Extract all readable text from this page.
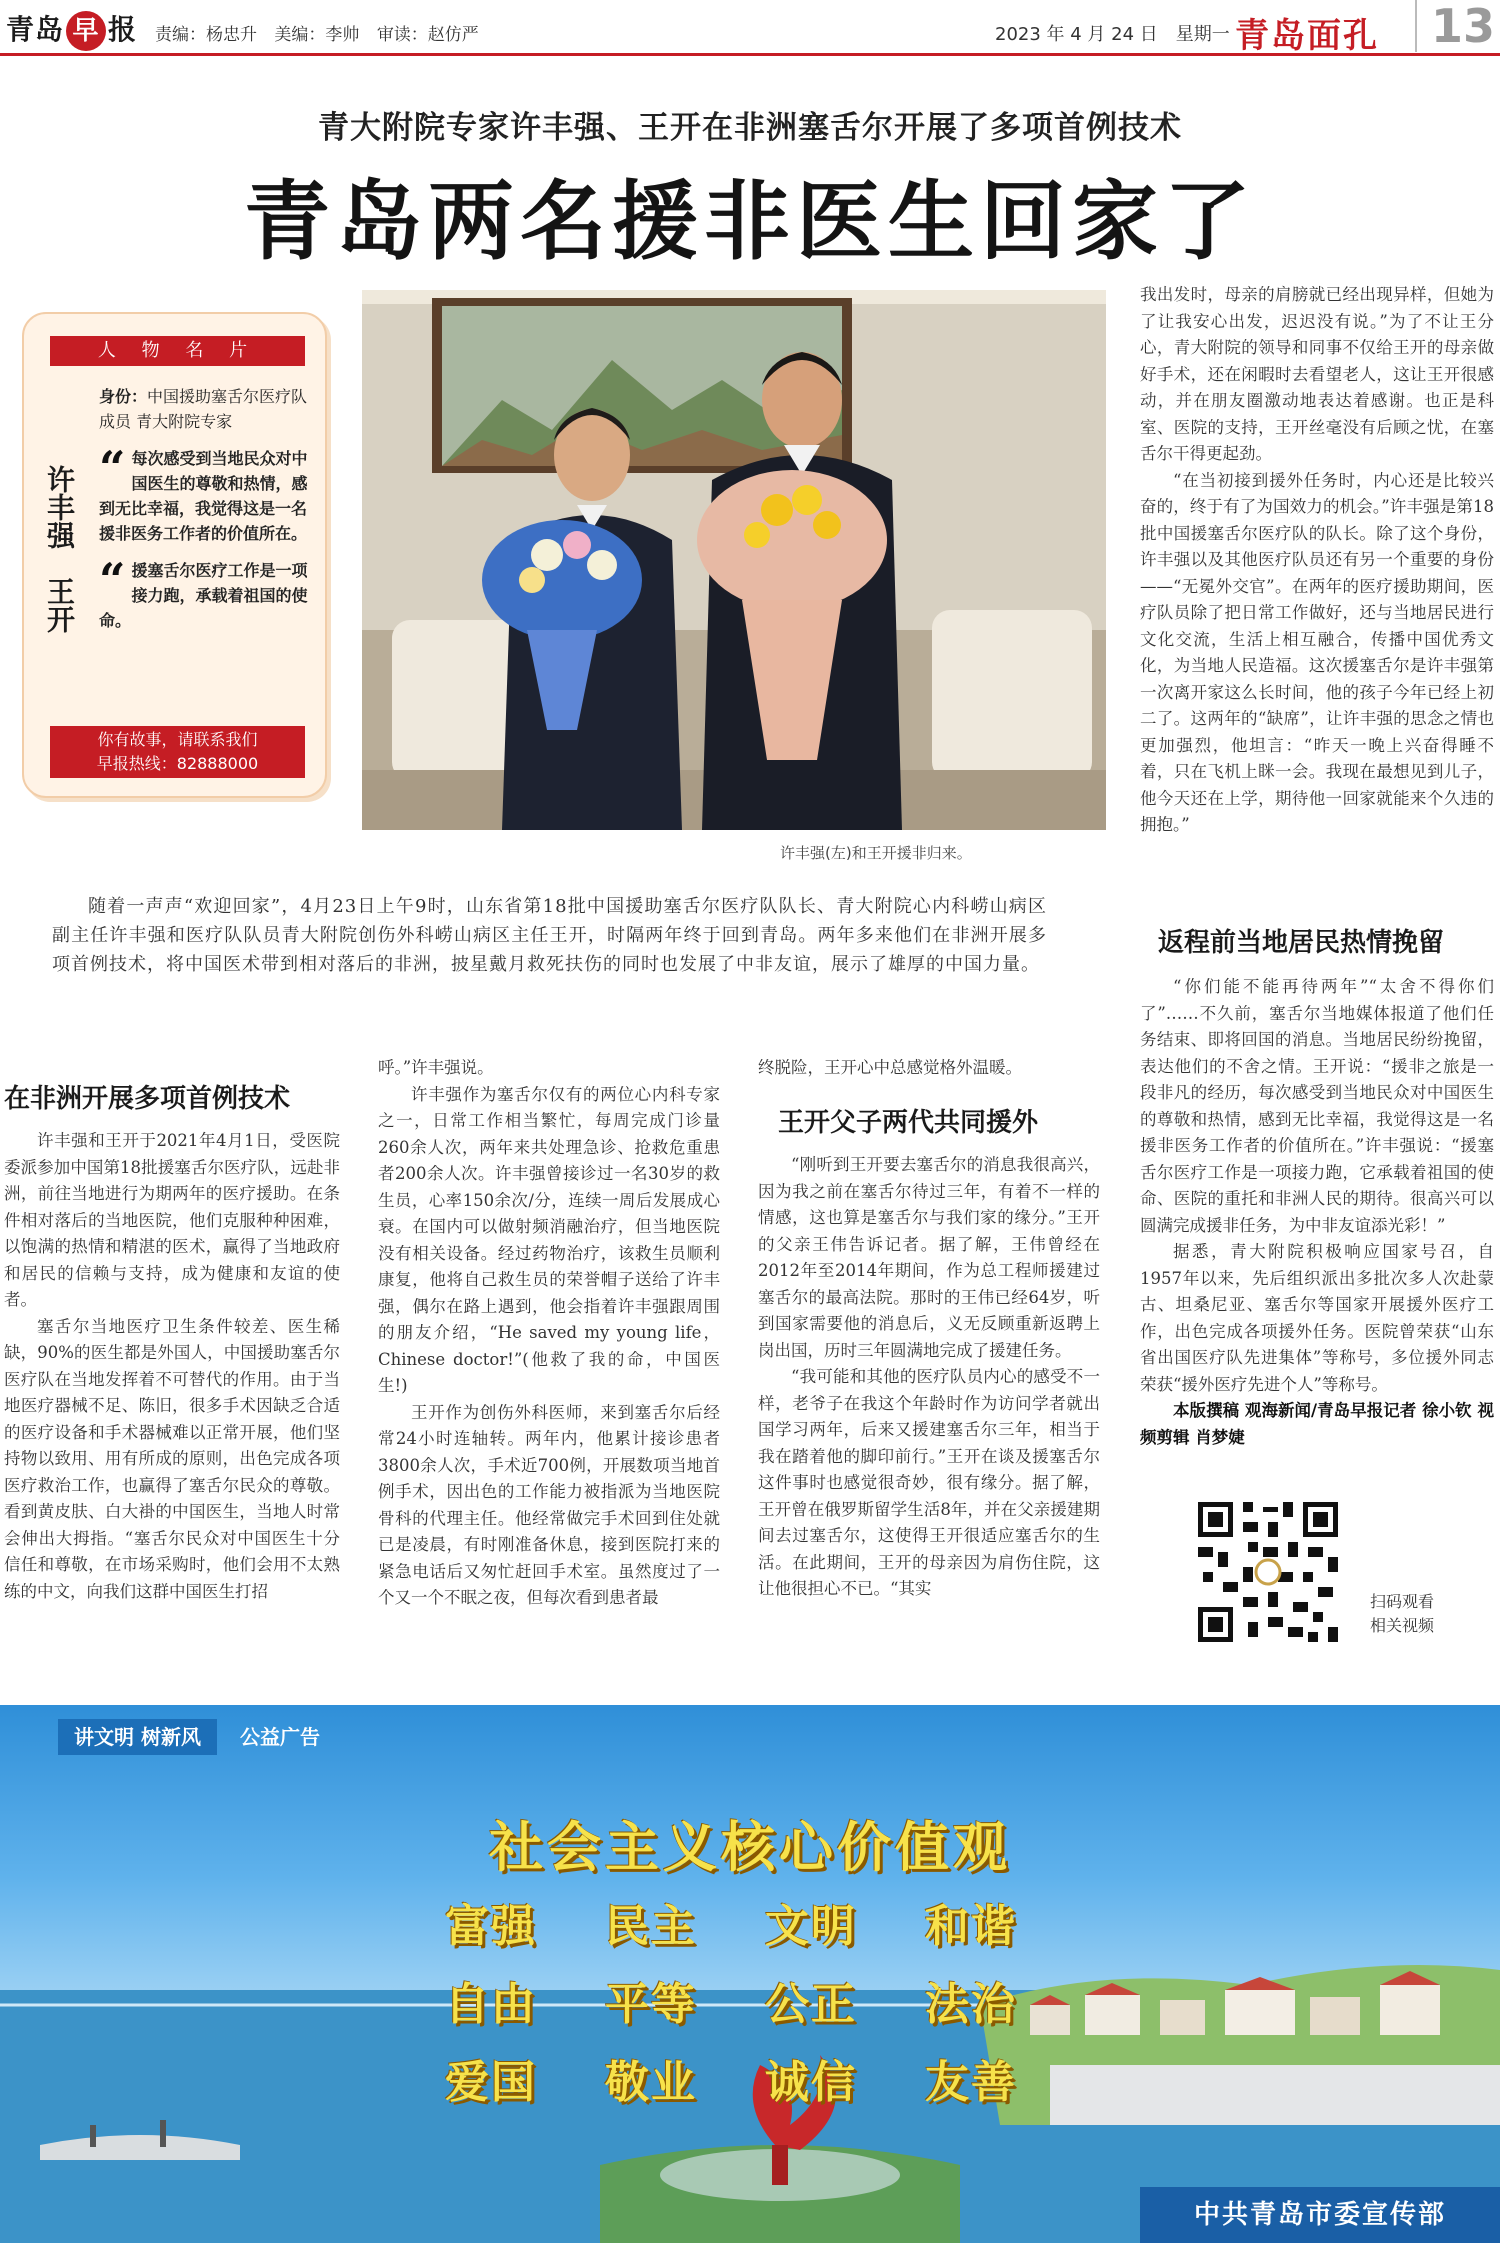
青岛 早 报 责编：杨忠升 美编：李帅 审读：赵仿严	2023 年 4 月 24 日　星期一 青岛面孔	13
青大附院专家许丰强、王开在非洲塞舌尔开展了多项首例技术
青岛两名援非医生回家了
人 物 名 片
许丰强　王开
身份：中国援助塞舌尔医疗队成员 青大附院专家
“ 每次感受到当地民众对中国医生的尊敬和热情，感到无比幸福，我觉得这是一名援非医务工作者的价值所在。
“ 援塞舌尔医疗工作是一项接力跑，承载着祖国的使命。
你有故事，请联系我们
早报热线：82888000
许丰强(左)和王开援非归来。

随着一声声“欢迎回家”，4月23日上午9时，山东省第18批中国援助塞舌尔医疗队队长、青大附院心内科崂山病区副主任许丰强和医疗队队员青大附院创伤外科崂山病区主任王开，时隔两年终于回到青岛。两年多来他们在非洲开展多项首例技术，将中国医术带到相对落后的非洲，披星戴月救死扶伤的同时也发展了中非友谊，展示了雄厚的中国力量。

在非洲开展多项首例技术

许丰强和王开于2021年4月1日，受医院委派参加中国第18批援塞舌尔医疗队，远赴非洲，前往当地进行为期两年的医疗援助。在条件相对落后的当地医院，他们克服种种困难，以饱满的热情和精湛的医术，赢得了当地政府和居民的信赖与支持，成为健康和友谊的使者。

塞舌尔当地医疗卫生条件较差、医生稀缺，90%的医生都是外国人，中国援助塞舌尔医疗队在当地发挥着不可替代的作用。由于当地医疗器械不足、陈旧，很多手术因缺乏合适的医疗设备和手术器械难以正常开展，他们坚持物以致用、用有所成的原则，出色完成各项医疗救治工作，也赢得了塞舌尔民众的尊敬。看到黄皮肤、白大褂的中国医生，当地人时常会伸出大拇指。“塞舌尔民众对中国医生十分信任和尊敬，在市场采购时，他们会用不太熟练的中文，向我们这群中国医生打招

呼。”许丰强说。

许丰强作为塞舌尔仅有的两位心内科专家之一，日常工作相当繁忙，每周完成门诊量260余人次，两年来共处理急诊、抢救危重患者200余人次。许丰强曾接诊过一名30岁的救生员，心率150余次/分，连续一周后发展成心衰。在国内可以做射频消融治疗，但当地医院没有相关设备。经过药物治疗，该救生员顺利康复，他将自己救生员的荣誉帽子送给了许丰强，偶尔在路上遇到，他会指着许丰强跟周围的朋友介绍，“He saved my young life，Chinese doctor!”(他救了我的命，中国医生!)

王开作为创伤外科医师，来到塞舌尔后经常24小时连轴转。两年内，他累计接诊患者3800余人次，手术近700例，开展数项当地首例手术，因出色的工作能力被指派为当地医院骨科的代理主任。他经常做完手术回到住处就已是凌晨，有时刚准备休息，接到医院打来的紧急电话后又匆忙赶回手术室。虽然度过了一个又一个不眠之夜，但每次看到患者最

终脱险，王开心中总感觉格外温暖。

王开父子两代共同援外

“刚听到王开要去塞舌尔的消息我很高兴，因为我之前在塞舌尔待过三年，有着不一样的情感，这也算是塞舌尔与我们家的缘分。”王开的父亲王伟告诉记者。据了解，王伟曾经在2012年至2014年期间，作为总工程师援建过塞舌尔的最高法院。那时的王伟已经64岁，听到国家需要他的消息后，义无反顾重新返聘上岗出国，历时三年圆满地完成了援建任务。

“我可能和其他的医疗队员内心的感受不一样，老爷子在我这个年龄时作为访问学者就出国学习两年，后来又援建塞舌尔三年，相当于我在踏着他的脚印前行。”王开在谈及援塞舌尔这件事时也感觉很奇妙，很有缘分。据了解，王开曾在俄罗斯留学生活8年，并在父亲援建期间去过塞舌尔，这使得王开很适应塞舌尔的生活。在此期间，王开的母亲因为肩伤住院，这让他很担心不已。“其实

我出发时，母亲的肩膀就已经出现异样，但她为了让我安心出发，迟迟没有说。”为了不让王分心，青大附院的领导和同事不仅给王开的母亲做好手术，还在闲暇时去看望老人，这让王开很感动，并在朋友圈激动地表达着感谢。也正是科室、医院的支持，王开丝毫没有后顾之忧，在塞舌尔干得更起劲。

“在当初接到援外任务时，内心还是比较兴奋的，终于有了为国效力的机会。”许丰强是第18批中国援塞舌尔医疗队的队长。除了这个身份，许丰强以及其他医疗队员还有另一个重要的身份——“无冕外交官”。在两年的医疗援助期间，医疗队员除了把日常工作做好，还与当地居民进行文化交流，生活上相互融合，传播中国优秀文化，为当地人民造福。这次援塞舌尔是许丰强第一次离开家这么长时间，他的孩子今年已经上初二了。这两年的“缺席”，让许丰强的思念之情也更加强烈，他坦言：“昨天一晚上兴奋得睡不着，只在飞机上眯一会。我现在最想见到儿子，他今天还在上学，期待他一回家就能来个久违的拥抱。”

返程前当地居民热情挽留

“你们能不能再待两年”“太舍不得你们了”……不久前，塞舌尔当地媒体报道了他们任务结束、即将回国的消息。当地居民纷纷挽留，表达他们的不舍之情。王开说：“援非之旅是一段非凡的经历，每次感受到当地民众对中国医生的尊敬和热情，感到无比幸福，我觉得这是一名援非医务工作者的价值所在。”许丰强说：“援塞舌尔医疗工作是一项接力跑，它承载着祖国的使命、医院的重托和非洲人民的期待。很高兴可以圆满完成援非任务，为中非友谊添光彩！”

据悉，青大附院积极响应国家号召，自1957年以来，先后组织派出多批次多人次赴蒙古、坦桑尼亚、塞舌尔等国家开展援外医疗工作，出色完成各项援外任务。医院曾荣获“山东省出国医疗队先进集体”等称号，多位援外同志荣获“援外医疗先进个人”等称号。

本版撰稿 观海新闻/青岛早报记者 徐小钦 视频剪辑 肖梦婕

扫码观看
相关视频
讲文明 树新风	公益广告
社会主义核心价值观
富强	民主	文明	和谐
自由	平等	公正	法治
爱国	敬业	诚信	友善
中共青岛市委宣传部
